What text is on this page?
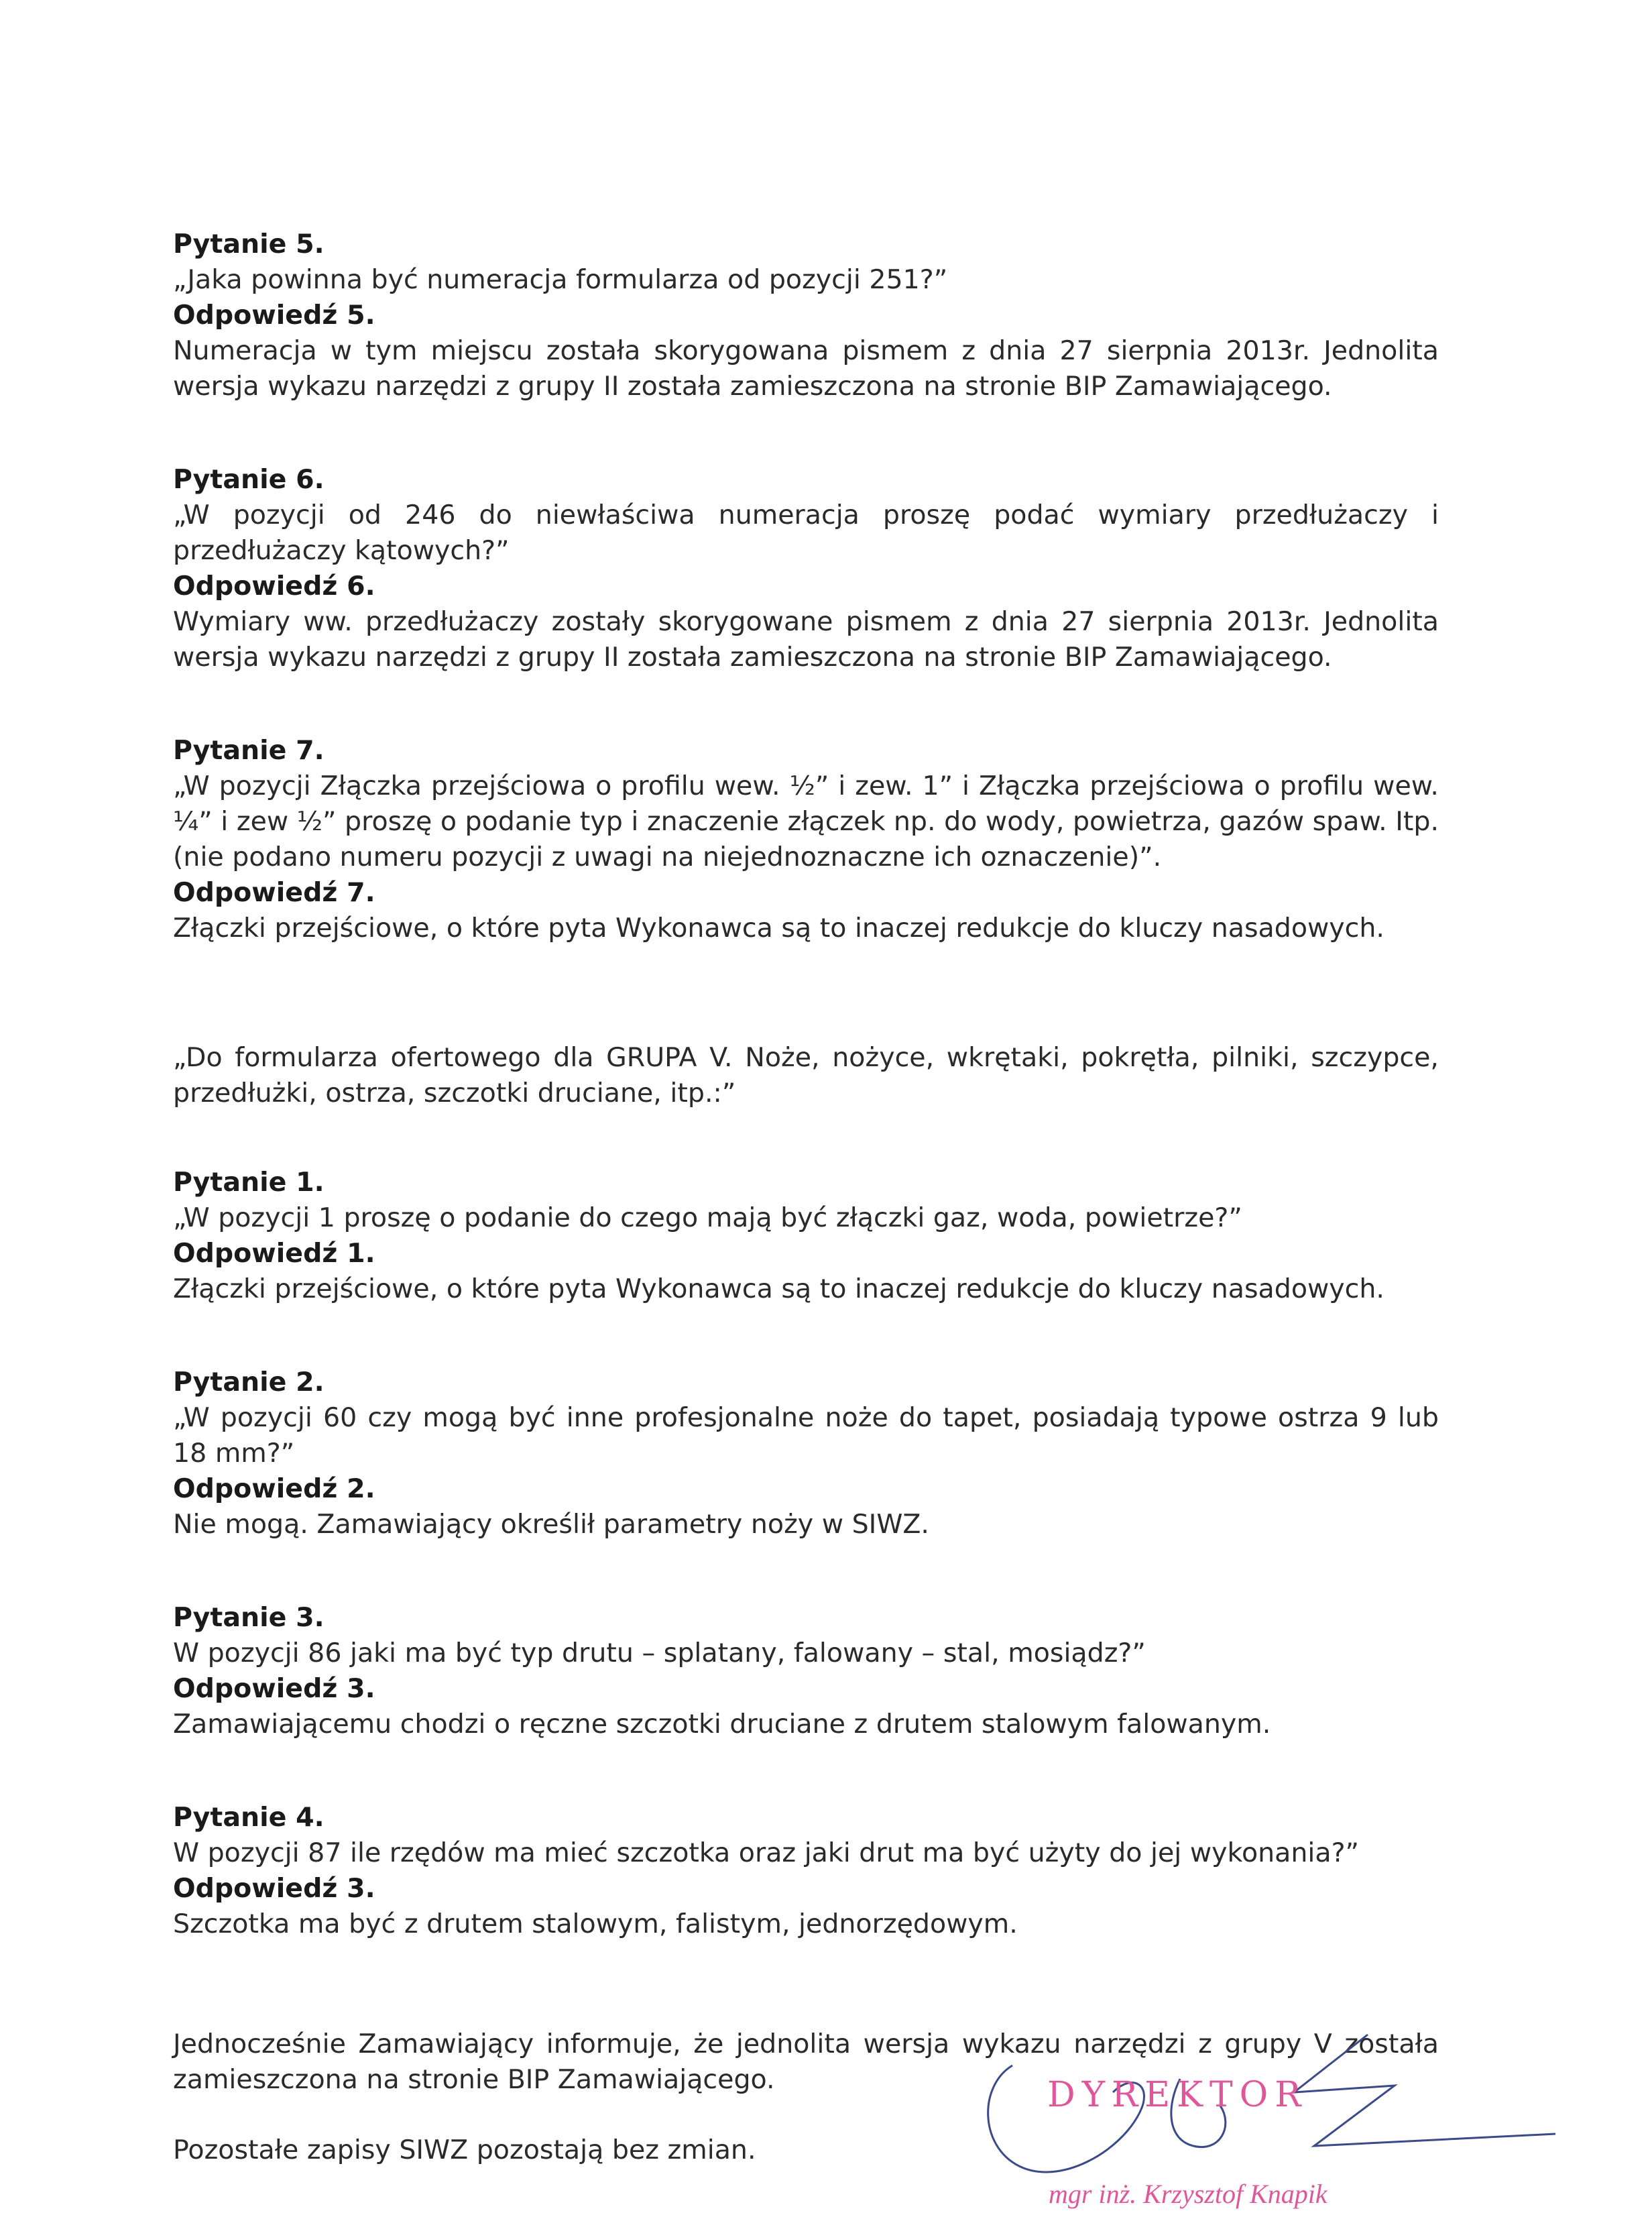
Pytanie 5.

„Jaka powinna być numeracja formularza od pozycji 251?”

Odpowiedź 5.

Numeracja w tym miejscu została skorygowana pismem z dnia 27 sierpnia 2013r. Jednolita wersja wykazu narzędzi z grupy II została zamieszczona na stronie BIP Zamawiającego.

Pytanie 6.

„W pozycji od 246 do niewłaściwa numeracja proszę podać wymiary przedłużaczy i przedłużaczy kątowych?”

Odpowiedź 6.

Wymiary ww. przedłużaczy zostały skorygowane pismem z dnia 27 sierpnia 2013r. Jednolita wersja wykazu narzędzi z grupy II została zamieszczona na stronie BIP Zamawiającego.

Pytanie 7.

„W pozycji Złączka przejściowa o profilu wew. ½” i zew. 1” i Złączka przejściowa o profilu wew. ¼” i zew ½” proszę o podanie typ i znaczenie złączek np. do wody, powietrza, gazów spaw. Itp. (nie podano numeru pozycji z uwagi na niejednoznaczne ich oznaczenie)”.

Odpowiedź 7.

Złączki przejściowe, o które pyta Wykonawca są to inaczej redukcje do kluczy nasadowych.

„Do formularza ofertowego dla GRUPA V. Noże, nożyce, wkrętaki, pokrętła, pilniki, szczypce, przedłużki, ostrza, szczotki druciane, itp.:”

Pytanie 1.

„W pozycji 1 proszę o podanie do czego mają być złączki gaz, woda, powietrze?”

Odpowiedź 1.

Złączki przejściowe, o które pyta Wykonawca są to inaczej redukcje do kluczy nasadowych.

Pytanie 2.

„W pozycji 60 czy mogą być inne profesjonalne noże do tapet, posiadają typowe ostrza 9 lub 18 mm?”

Odpowiedź 2.

Nie mogą. Zamawiający określił parametry noży w SIWZ.

Pytanie 3.

W pozycji 86 jaki ma być typ drutu – splatany, falowany – stal, mosiądz?”

Odpowiedź 3.

Zamawiającemu chodzi o ręczne szczotki druciane z drutem stalowym falowanym.

Pytanie 4.

W pozycji 87 ile rzędów ma mieć szczotka oraz jaki drut ma być użyty do jej wykonania?”

Odpowiedź 3.

Szczotka ma być z drutem stalowym, falistym, jednorzędowym.

Jednocześnie Zamawiający informuje, że jednolita wersja wykazu narzędzi z grupy V została zamieszczona na stronie BIP Zamawiającego.

Pozostałe zapisy SIWZ pozostają bez zmian.

DYREKTOR
mgr inż. Krzysztof Knapik
